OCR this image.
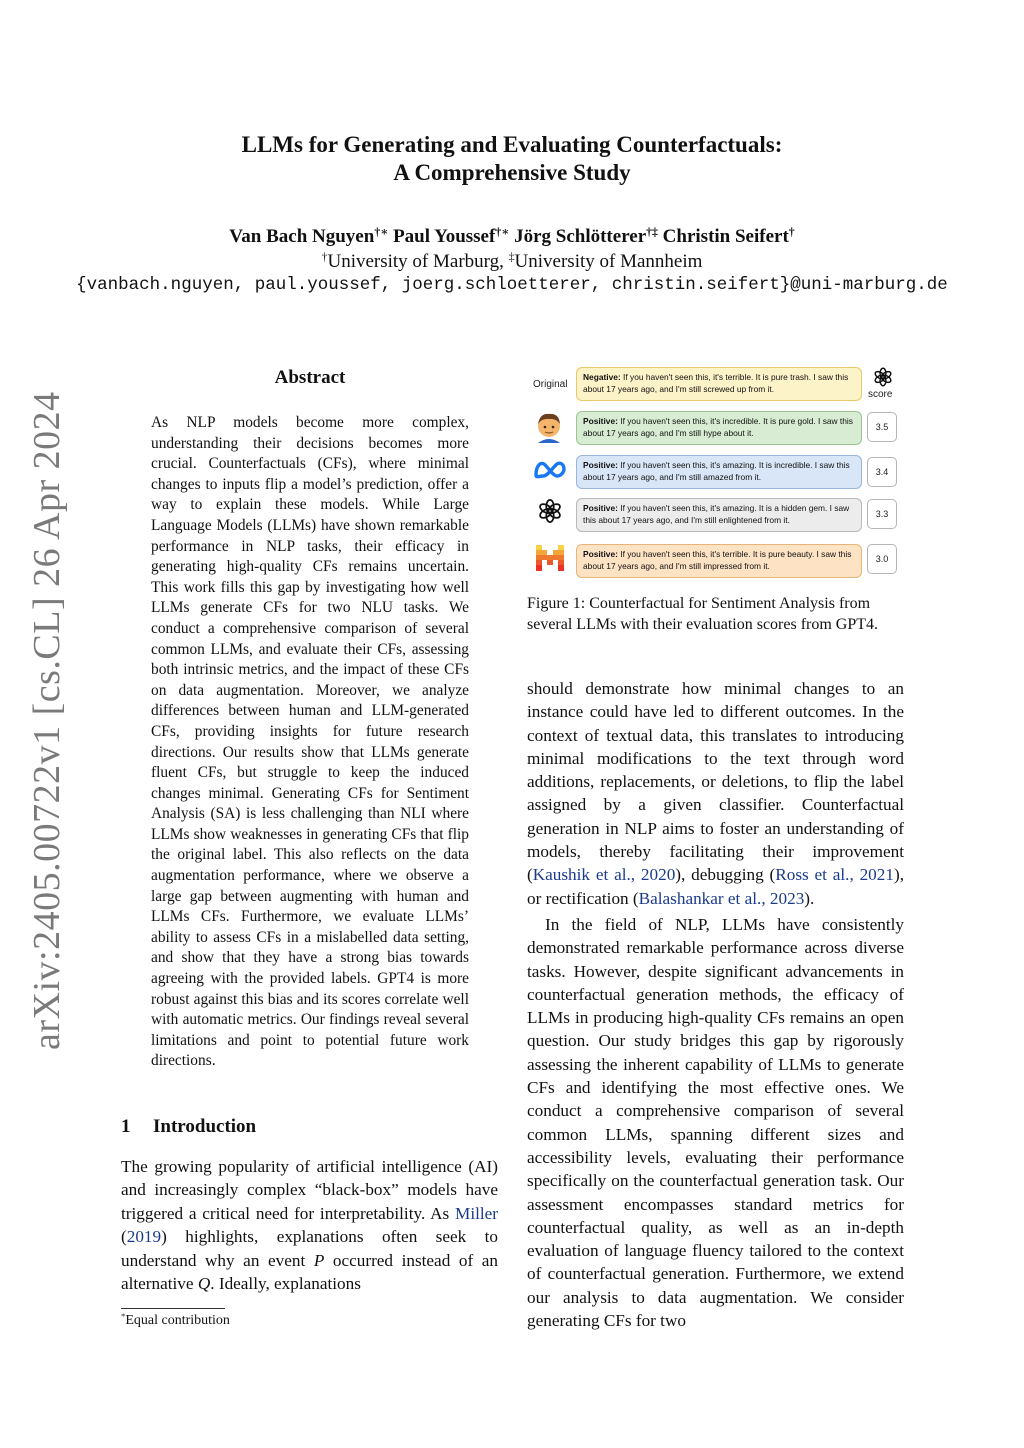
arXiv:2405.00722v1 [cs.CL] 26 Apr 2024
LLMs for Generating and Evaluating Counterfactuals:
A Comprehensive Study
Van Bach Nguyen†∗ Paul Youssef†∗ Jörg Schlötterer†‡ Christin Seifert†
†University of Marburg, ‡University of Mannheim
{vanbach.nguyen, paul.youssef, joerg.schloetterer, christin.seifert}@uni-marburg.de
Abstract
As NLP models become more complex, understanding their decisions becomes more crucial. Counterfactuals (CFs), where minimal changes to inputs flip a model’s prediction, offer a way to explain these models. While Large Language Models (LLMs) have shown remarkable performance in NLP tasks, their efficacy in generating high-quality CFs remains uncertain. This work fills this gap by investigating how well LLMs generate CFs for two NLU tasks. We conduct a comprehensive comparison of several common LLMs, and evaluate their CFs, assessing both intrinsic metrics, and the impact of these CFs on data augmentation. Moreover, we analyze differences between human and LLM-generated CFs, providing insights for future research directions. Our results show that LLMs generate fluent CFs, but struggle to keep the induced changes minimal. Generating CFs for Sentiment Analysis (SA) is less challenging than NLI where LLMs show weaknesses in generating CFs that flip the original label. This also reflects on the data augmentation performance, where we observe a large gap between augmenting with human and LLMs CFs. Furthermore, we evaluate LLMs’ ability to assess CFs in a mislabelled data setting, and show that they have a strong bias towards agreeing with the provided labels. GPT4 is more robust against this bias and its scores correlate well with automatic metrics. Our findings reveal several limitations and point to potential future work directions.
1 Introduction
The growing popularity of artificial intelligence (AI) and increasingly complex “black-box” models have triggered a critical need for interpretability. As Miller (2019) highlights, explanations often seek to understand why an event P occurred instead of an alternative Q. Ideally, explanations
*Equal contribution
Original
Negative: If you haven't seen this, it's terrible. It is pure trash. I saw this about 17 years ago, and I'm still screwed up from it.
score
Positive: If you haven't seen this, it's incredible. It is pure gold. I saw this about 17 years ago, and I'm still hype about it.
3.5
Positive: If you haven't seen this, it's amazing. It is incredible. I saw this about 17 years ago, and I'm still amazed from it.	3.4
Positive: If you haven't seen this, it's amazing. It is a hidden gem. I saw this about 17 years ago, and I'm still enlightened from it.
3.3
Positive: If you haven't seen this, it's terrible. It is pure beauty. I saw this about 17 years ago, and I'm still impressed from it.
3.0
Figure 1: Counterfactual for Sentiment Analysis from several LLMs with their evaluation scores from GPT4.

should demonstrate how minimal changes to an instance could have led to different outcomes. In the context of textual data, this translates to introducing minimal modifications to the text through word additions, replacements, or deletions, to flip the label assigned by a given classifier. Counterfactual generation in NLP aims to foster an understanding of models, thereby facilitating their improvement (Kaushik et al., 2020), debugging (Ross et al., 2021), or rectification (Balashankar et al., 2023).

In the field of NLP, LLMs have consistently demonstrated remarkable performance across diverse tasks. However, despite significant advancements in counterfactual generation methods, the efficacy of LLMs in producing high-quality CFs remains an open question. Our study bridges this gap by rigorously assessing the inherent capability of LLMs to generate CFs and identifying the most effective ones. We conduct a comprehensive comparison of several common LLMs, spanning different sizes and accessibility levels, evaluating their performance specifically on the counterfactual generation task. Our assessment encompasses standard metrics for counterfactual quality, as well as an in-depth evaluation of language fluency tailored to the context of counterfactual generation. Furthermore, we extend our analysis to data augmentation. We consider generating CFs for two
